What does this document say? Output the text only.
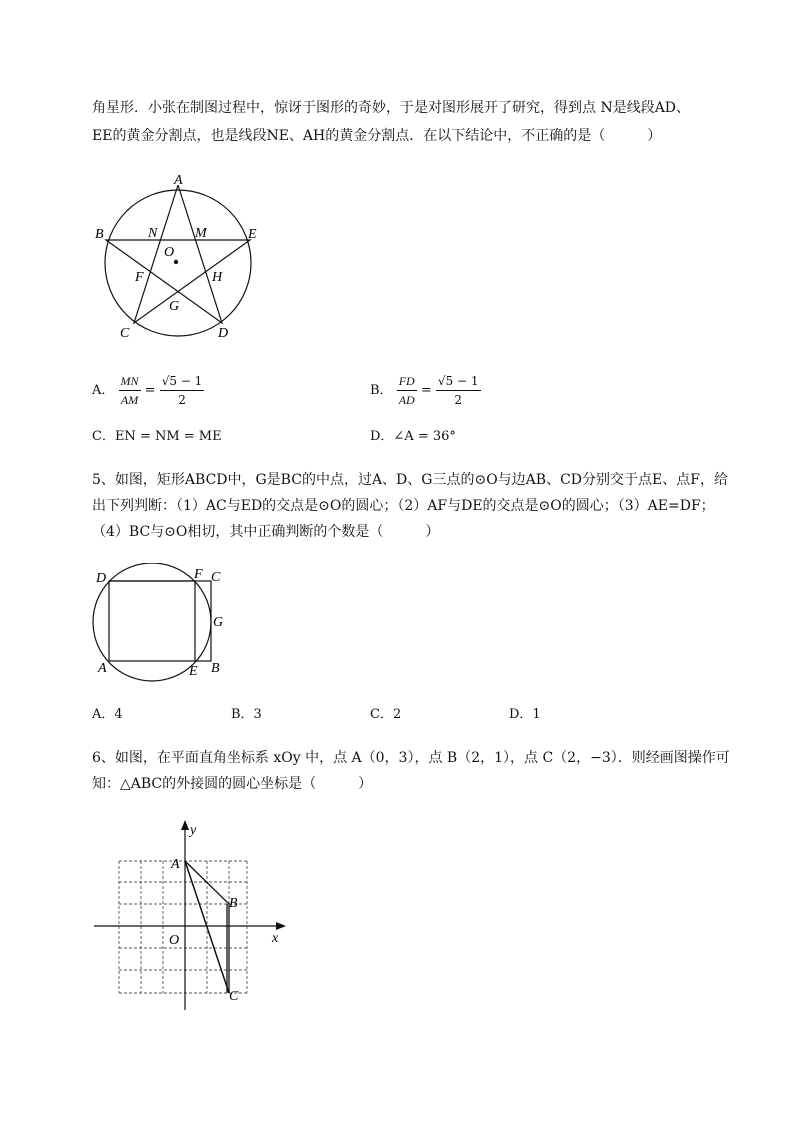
角星形．小张在制图过程中，惊讶于图形的奇妙，于是对图形展开了研究，得到点 N是线段AD、
EE的黄金分割点，也是线段NE、AH的黄金分割点．在以下结论中，不正确的是（　　　）
A
B	E
N	M
O
F	H
G
C	D
A． $\frac{MN}{AM} = \frac{√5 - 1}{2}$	B． $\frac{FD}{AD} = \frac{√5 - 1}{2}$
C．EN = NM = ME	D．∠A = 36°
5、如图，矩形ABCD中，G是BC的中点，过A、D、G三点的⊙O与边AB、CD分别交于点E、点F，给
出下列判断：（1）AC与ED的交点是⊙O的圆心；（2）AF与DE的交点是⊙O的圆心；（3）AE=DF；
（4）BC与⊙O相切，其中正确判断的个数是（　　　）
D	F C
G
A	E B
A．4	B．3	C．2	D．1
6、如图，在平面直角坐标系 xOy 中，点 A（0，3），点 B（2，1），点 C（2，−3）．则经画图操作可
知：△ABC的外接圆的圆心坐标是（　　　）
y
x
O
A
B
C
